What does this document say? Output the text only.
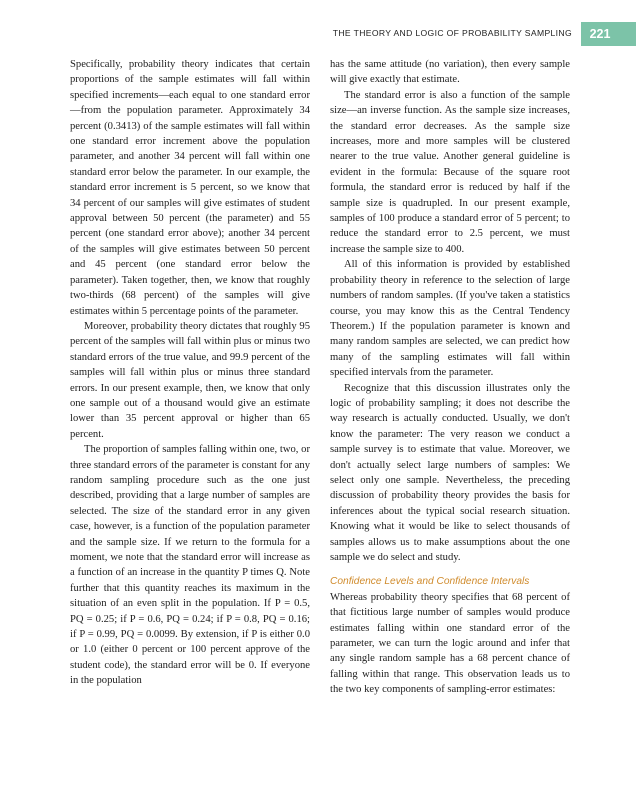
THE THEORY AND LOGIC OF PROBABILITY SAMPLING 221

Specifically, probability theory indicates that certain proportions of the sample estimates will fall within specified increments—each equal to one standard error—from the population parameter. Approximately 34 percent (0.3413) of the sample estimates will fall within one standard error increment above the population parameter, and another 34 percent will fall within one standard error below the parameter. In our example, the standard error increment is 5 percent, so we know that 34 percent of our samples will give estimates of student approval between 50 percent (the parameter) and 55 percent (one standard error above); another 34 percent of the samples will give estimates between 50 percent and 45 percent (one standard error below the parameter). Taken together, then, we know that roughly two-thirds (68 percent) of the samples will give estimates within 5 percentage points of the parameter.

Moreover, probability theory dictates that roughly 95 percent of the samples will fall within plus or minus two standard errors of the true value, and 99.9 percent of the samples will fall within plus or minus three standard errors. In our present example, then, we know that only one sample out of a thousand would give an estimate lower than 35 percent approval or higher than 65 percent.

The proportion of samples falling within one, two, or three standard errors of the parameter is constant for any random sampling procedure such as the one just described, providing that a large number of samples are selected. The size of the standard error in any given case, however, is a function of the population parameter and the sample size. If we return to the formula for a moment, we note that the standard error will increase as a function of an increase in the quantity P times Q. Note further that this quantity reaches its maximum in the situation of an even split in the population. If P = 0.5, PQ = 0.25; if P = 0.6, PQ = 0.24; if P = 0.8, PQ = 0.16; if P = 0.99, PQ = 0.0099. By extension, if P is either 0.0 or 1.0 (either 0 percent or 100 percent approve of the student code), the standard error will be 0. If everyone in the population

has the same attitude (no variation), then every sample will give exactly that estimate.

The standard error is also a function of the sample size—an inverse function. As the sample size increases, the standard error decreases. As the sample size increases, more and more samples will be clustered nearer to the true value. Another general guideline is evident in the formula: Because of the square root formula, the standard error is reduced by half if the sample size is quadrupled. In our present example, samples of 100 produce a standard error of 5 percent; to reduce the standard error to 2.5 percent, we must increase the sample size to 400.

All of this information is provided by established probability theory in reference to the selection of large numbers of random samples. (If you've taken a statistics course, you may know this as the Central Tendency Theorem.) If the population parameter is known and many random samples are selected, we can predict how many of the sampling estimates will fall within specified intervals from the parameter.

Recognize that this discussion illustrates only the logic of probability sampling; it does not describe the way research is actually conducted. Usually, we don't know the parameter: The very reason we conduct a sample survey is to estimate that value. Moreover, we don't actually select large numbers of samples: We select only one sample. Nevertheless, the preceding discussion of probability theory provides the basis for inferences about the typical social research situation. Knowing what it would be like to select thousands of samples allows us to make assumptions about the one sample we do select and study.

Confidence Levels and Confidence Intervals

Whereas probability theory specifies that 68 percent of that fictitious large number of samples would produce estimates falling within one standard error of the parameter, we can turn the logic around and infer that any single random sample has a 68 percent chance of falling within that range. This observation leads us to the two key components of sampling-error estimates:
